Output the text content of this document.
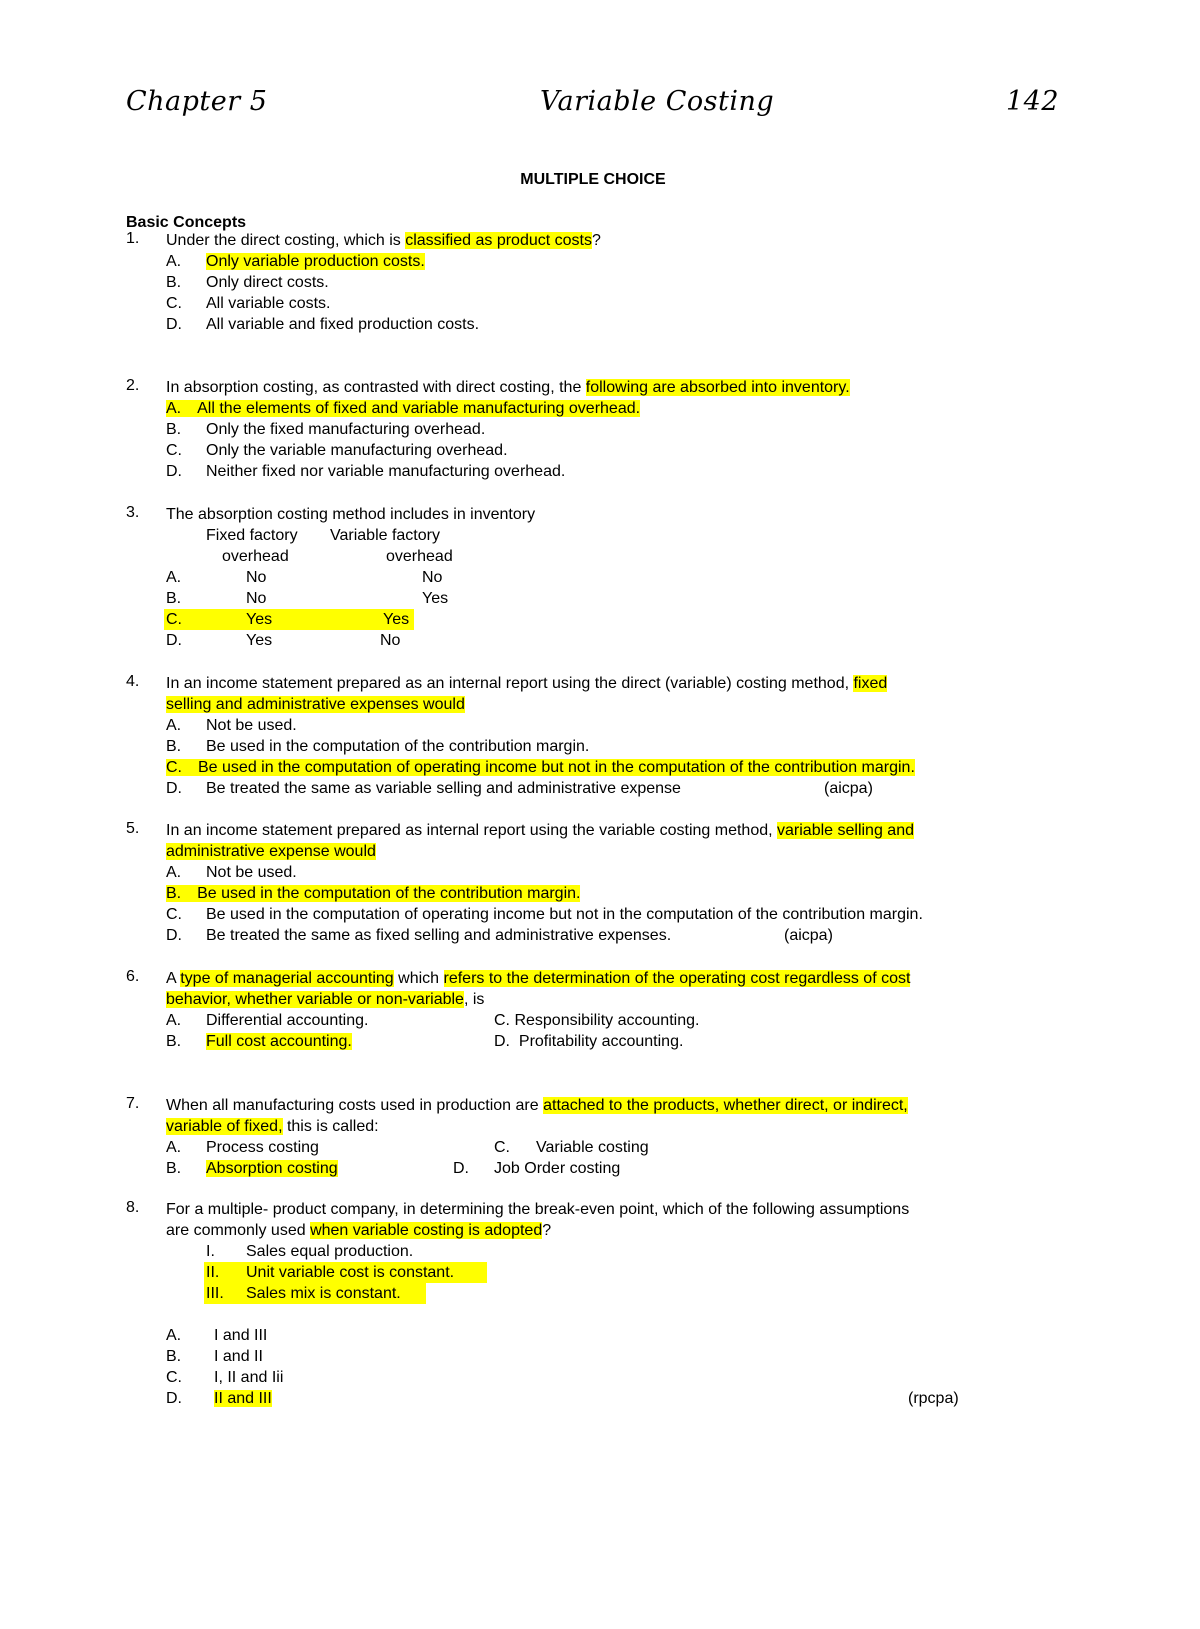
Chapter 5	Variable Costing	142
MULTIPLE CHOICE
Basic Concepts
1. Under the direct costing, which is classified as product costs?
A. Only variable production costs.
B. Only direct costs.
C. All variable costs.
D. All variable and fixed production costs.
2. In absorption costing, as contrasted with direct costing, the following are absorbed into inventory.
A. All the elements of fixed and variable manufacturing overhead.
B. Only the fixed manufacturing overhead.
C. Only the variable manufacturing overhead.
D. Neither fixed nor variable manufacturing overhead.
3. The absorption costing method includes in inventory
Fixed factory Variable factory
overhead	overhead
A.	No	No
B.	No	Yes
C.	Yes	Yes
D.	Yes	No
4. In an income statement prepared as an internal report using the direct (variable) costing method, fixed
selling and administrative expenses would
A. Not be used.
B. Be used in the computation of the contribution margin.
C. Be used in the computation of operating income but not in the computation of the contribution margin.
D. Be treated the same as variable selling and administrative expense	(aicpa)
5. In an income statement prepared as internal report using the variable costing method, variable selling and
administrative expense would
A. Not be used.
B. Be used in the computation of the contribution margin.
C. Be used in the computation of operating income but not in the computation of the contribution margin.
D. Be treated the same as fixed selling and administrative expenses.	(aicpa)
6. A type of managerial accounting which refers to the determination of the operating cost regardless of cost
behavior, whether variable or non-variable, is
A. Differential accounting.	C. Responsibility accounting.
B. Full cost accounting.	D. Profitability accounting.
7. When all manufacturing costs used in production are attached to the products, whether direct, or indirect,
variable of fixed, this is called:
A. Process costing	C. Variable costing
B. Absorption costing	D. Job Order costing
8. For a multiple- product company, in determining the break-even point, which of the following assumptions
are commonly used when variable costing is adopted?
I. Sales equal production.
II. Unit variable cost is constant.
III. Sales mix is constant.
A. I and III
B. I and II
C. I, II and Iii
D. II and III	(rpcpa)
